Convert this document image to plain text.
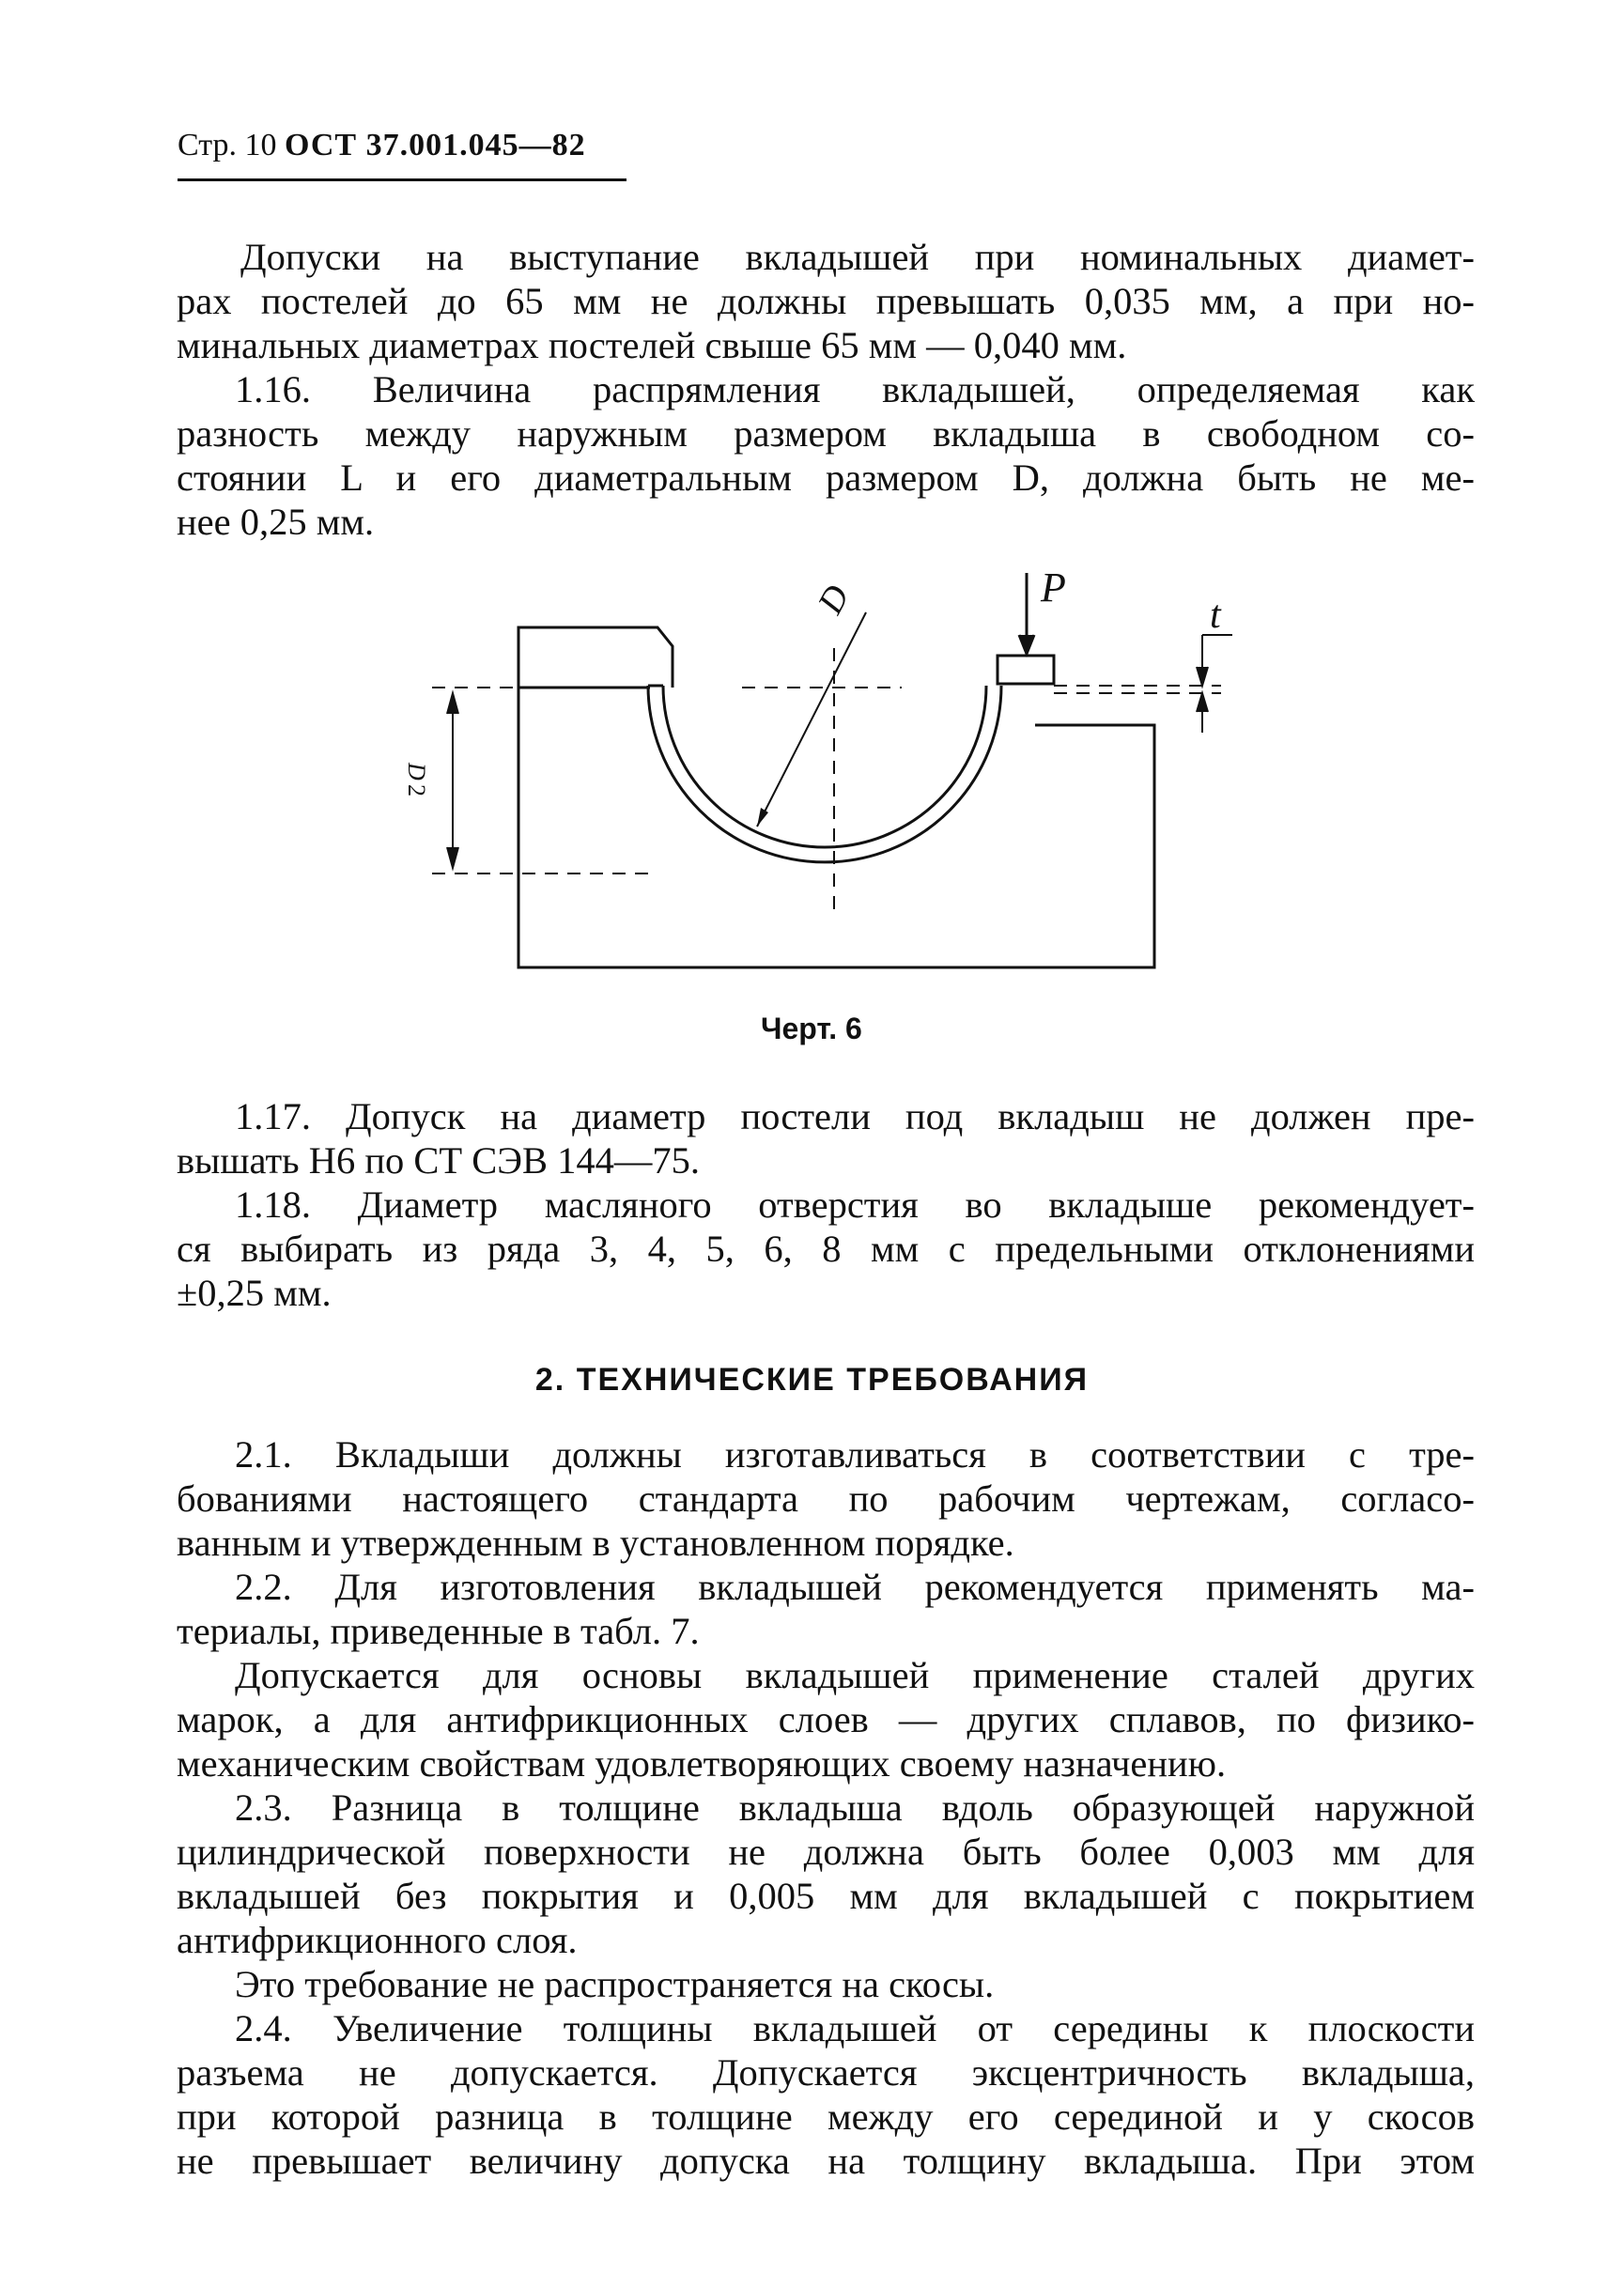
Стр. 10 ОСТ 37.001.045—82
Допуски на выступание вкладышей при номинальных диамет-
рах постелей до 65 мм не должны превышать 0,035 мм, а при но-
минальных диаметрах постелей свыше 65 мм — 0,040 мм.
1.16. Величина распрямления вкладышей, определяемая как
разность между наружным размером вкладыша в свободном со-
стоянии L и его диаметральным размером D, должна быть не ме-
нее 0,25 мм.
P
t
D
D
2
Черт. 6
1.17. Допуск на диаметр постели под вкладыш не должен пре-
вышать H6 по СТ СЭВ 144—75.
1.18. Диаметр масляного отверстия во вкладыше рекомендует-
ся выбирать из ряда 3, 4, 5, 6, 8 мм с предельными отклонениями
±0,25 мм.
2. ТЕХНИЧЕСКИЕ ТРЕБОВАНИЯ
2.1. Вкладыши должны изготавливаться в соответствии с тре-
бованиями настоящего стандарта по рабочим чертежам, согласо-
ванным и утвержденным в установленном порядке.
2.2. Для изготовления вкладышей рекомендуется применять ма-
териалы, приведенные в табл. 7.
Допускается для основы вкладышей применение сталей других
марок, а для антифрикционных слоев — других сплавов, по физико-
механическим свойствам удовлетворяющих своему назначению.
2.3. Разница в толщине вкладыша вдоль образующей наружной
цилиндрической поверхности не должна быть более 0,003 мм для
вкладышей без покрытия и 0,005 мм для вкладышей с покрытием
антифрикционного слоя.
Это требование не распространяется на скосы.
2.4. Увеличение толщины вкладышей от середины к плоскости
разъема не допускается. Допускается эксцентричность вкладыша,
при которой разница в толщине между его серединой и у скосов
не превышает величину допуска на толщину вкладыша. При этом
